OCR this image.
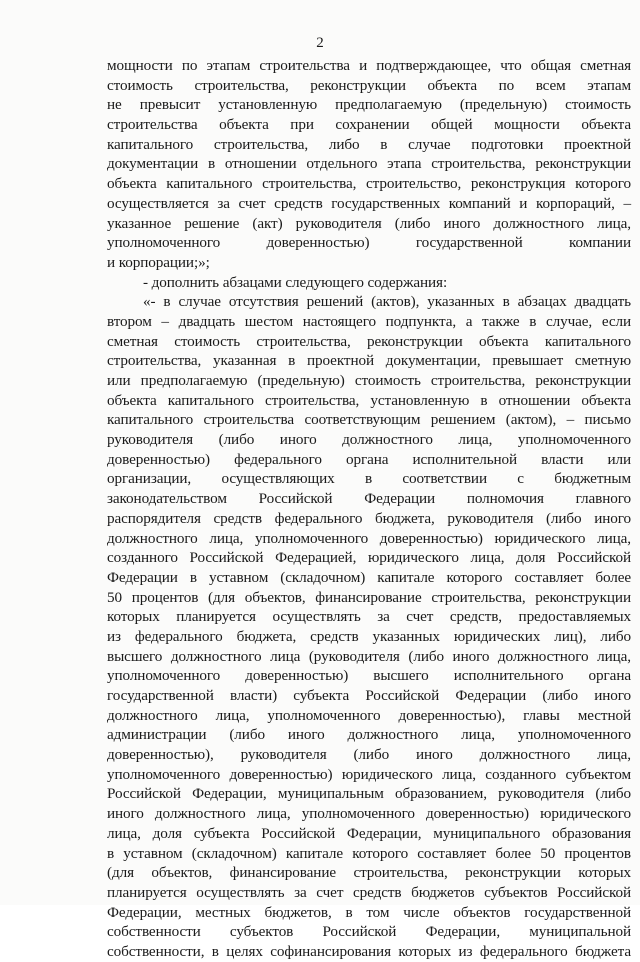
2
мощности по этапам строительства и подтверждающее, что общая сметная
стоимость строительства, реконструкции объекта по всем этапам
не превысит установленную предполагаемую (предельную) стоимость
строительства объекта при сохранении общей мощности объекта
капитального строительства, либо в случае подготовки проектной
документации в отношении отдельного этапа строительства, реконструкции
объекта капитального строительства, строительство, реконструкция которого
осуществляется за счет средств государственных компаний и корпораций, –
указанное решение (акт) руководителя (либо иного должностного лица,
уполномоченного доверенностью) государственной компании
и корпорации;»;
- дополнить абзацами следующего содержания:
«- в случае отсутствия решений (актов), указанных в абзацах двадцать
втором – двадцать шестом настоящего подпункта, а также в случае, если
сметная стоимость строительства, реконструкции объекта капитального
строительства, указанная в проектной документации, превышает сметную
или предполагаемую (предельную) стоимость строительства, реконструкции
объекта капитального строительства, установленную в отношении объекта
капитального строительства соответствующим решением (актом), – письмо
руководителя (либо иного должностного лица, уполномоченного
доверенностью) федерального органа исполнительной власти или
организации, осуществляющих в соответствии с бюджетным
законодательством Российской Федерации полномочия главного
распорядителя средств федерального бюджета, руководителя (либо иного
должностного лица, уполномоченного доверенностью) юридического лица,
созданного Российской Федерацией, юридического лица, доля Российской
Федерации в уставном (складочном) капитале которого составляет более
50 процентов (для объектов, финансирование строительства, реконструкции
которых планируется осуществлять за счет средств, предоставляемых
из федерального бюджета, средств указанных юридических лиц), либо
высшего должностного лица (руководителя (либо иного должностного лица,
уполномоченного доверенностью) высшего исполнительного органа
государственной власти) субъекта Российской Федерации (либо иного
должностного лица, уполномоченного доверенностью), главы местной
администрации (либо иного должностного лица, уполномоченного
доверенностью), руководителя (либо иного должностного лица,
уполномоченного доверенностью) юридического лица, созданного субъектом
Российской Федерации, муниципальным образованием, руководителя (либо
иного должностного лица, уполномоченного доверенностью) юридического
лица, доля субъекта Российской Федерации, муниципального образования
в уставном (складочном) капитале которого составляет более 50 процентов
(для объектов, финансирование строительства, реконструкции которых
планируется осуществлять за счет средств бюджетов субъектов Российской
Федерации, местных бюджетов, в том числе объектов государственной
собственности субъектов Российской Федерации, муниципальной
собственности, в целях софинансирования которых из федерального бюджета
